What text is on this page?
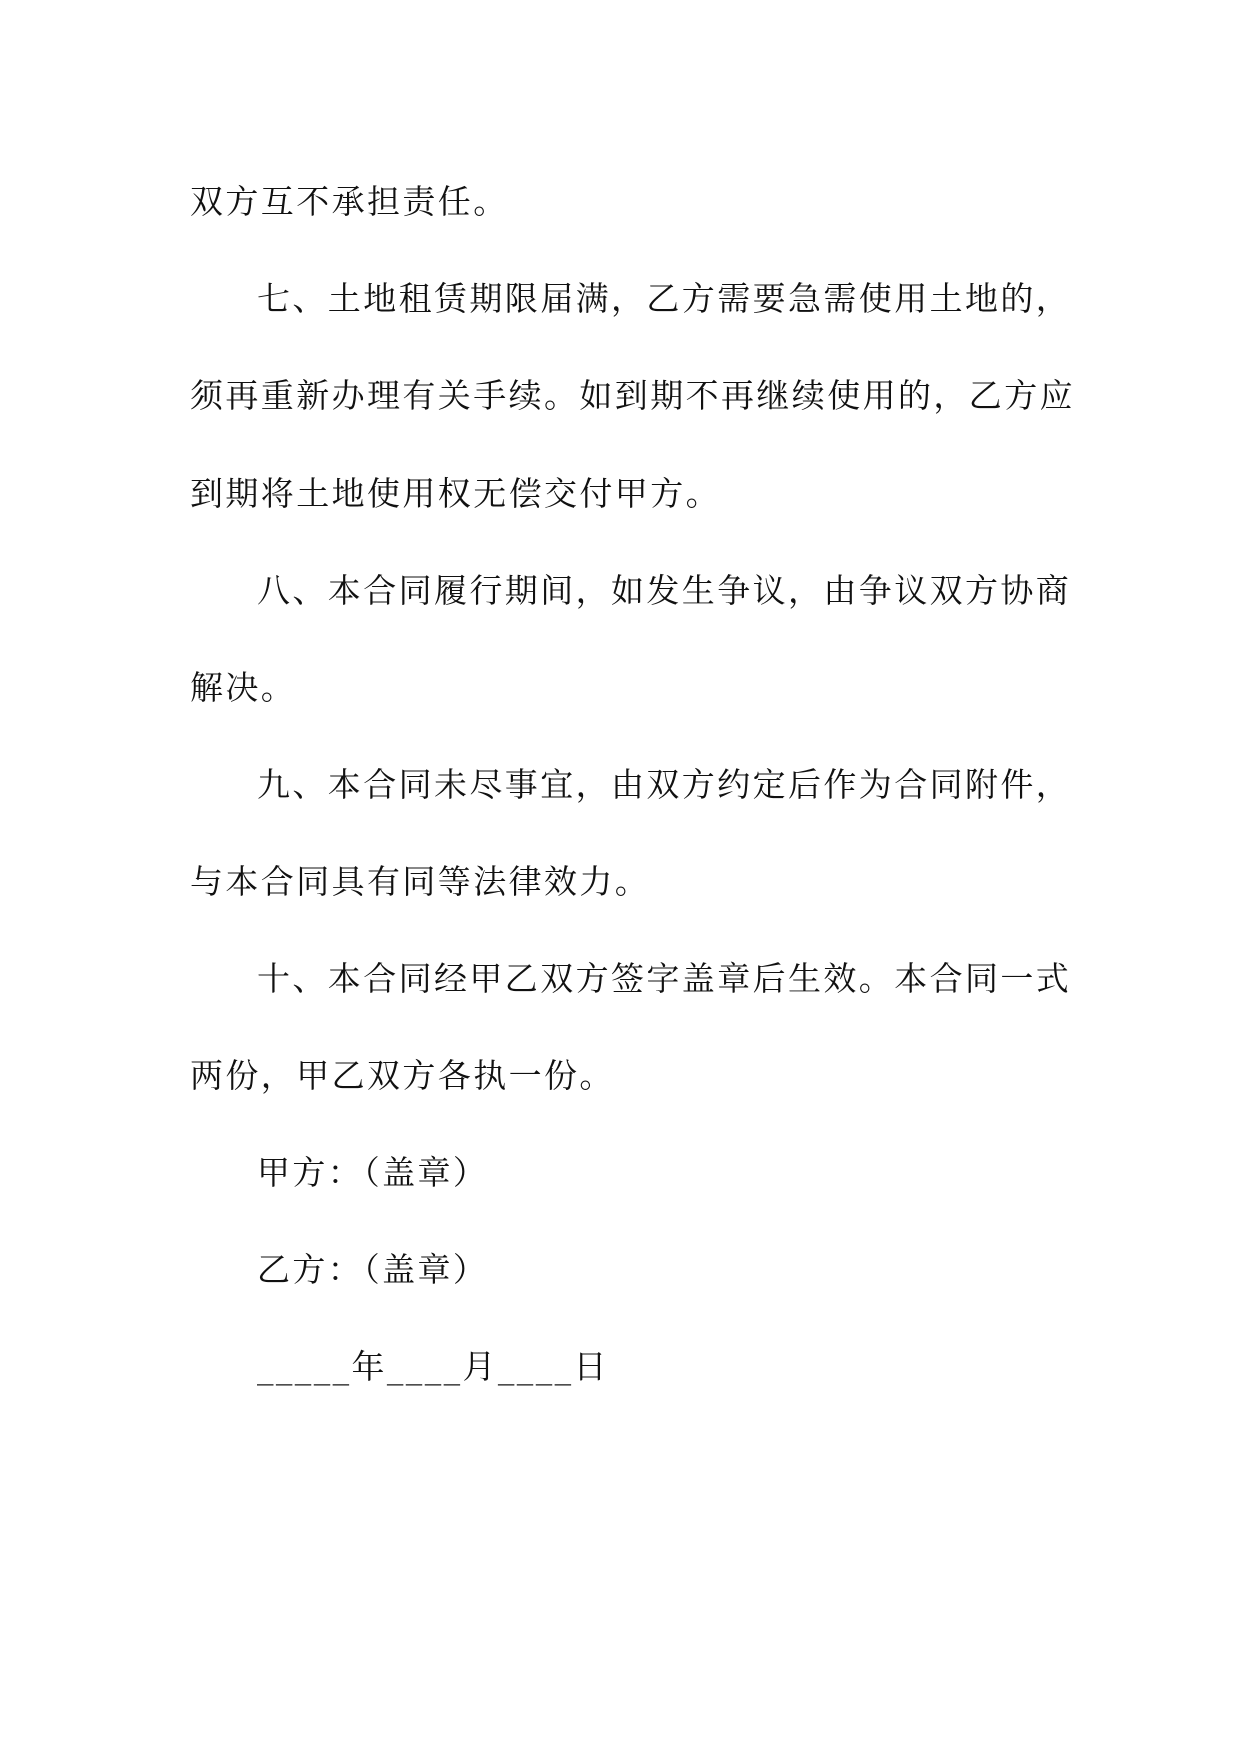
双方互不承担责任。
七、土地租赁期限届满，乙方需要急需使用土地的，
须再重新办理有关手续。如到期不再继续使用的，乙方应
到期将土地使用权无偿交付甲方。
八、本合同履行期间，如发生争议，由争议双方协商
解决。
九、本合同未尽事宜，由双方约定后作为合同附件，
与本合同具有同等法律效力。
十、本合同经甲乙双方签字盖章后生效。本合同一式
两份，甲乙双方各执一份。
甲方：（盖章）
乙方：（盖章）
_____年____月____日
